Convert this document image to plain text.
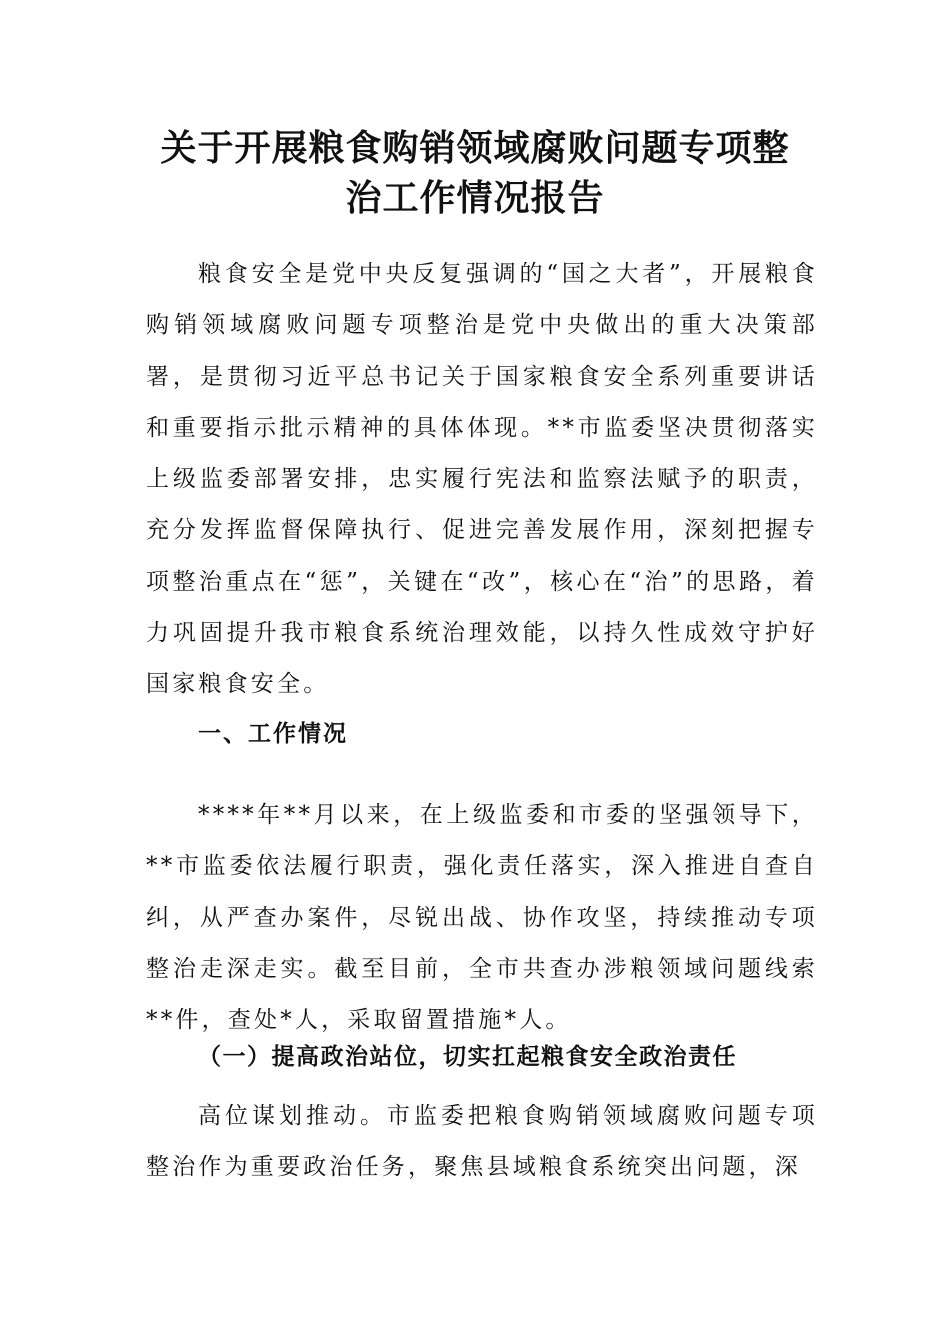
关于开展粮食购销领域腐败问题专项整
治工作情况报告

粮食安全是党中央反复强调的“国之大者”，开展粮食购销领域腐败问题专项整治是党中央做出的重大决策部署，是贯彻习近平总书记关于国家粮食安全系列重要讲话和重要指示批示精神的具体体现。**市监委坚决贯彻落实上级监委部署安排，忠实履行宪法和监察法赋予的职责，充分发挥监督保障执行、促进完善发展作用，深刻把握专项整治重点在“惩”，关键在“改”，核心在“治”的思路，着力巩固提升我市粮食系统治理效能，以持久性成效守护好国家粮食安全。

一、工作情况

****年**月以来，在上级监委和市委的坚强领导下，**市监委依法履行职责，强化责任落实，深入推进自查自纠，从严查办案件，尽锐出战、协作攻坚，持续推动专项整治走深走实。截至目前，全市共查办涉粮领域问题线索**件，查处*人，采取留置措施*人。

（一）提高政治站位，切实扛起粮食安全政治责任

高位谋划推动。市监委把粮食购销领域腐败问题专项整治作为重要政治任务，聚焦县域粮食系统突出问题，深
